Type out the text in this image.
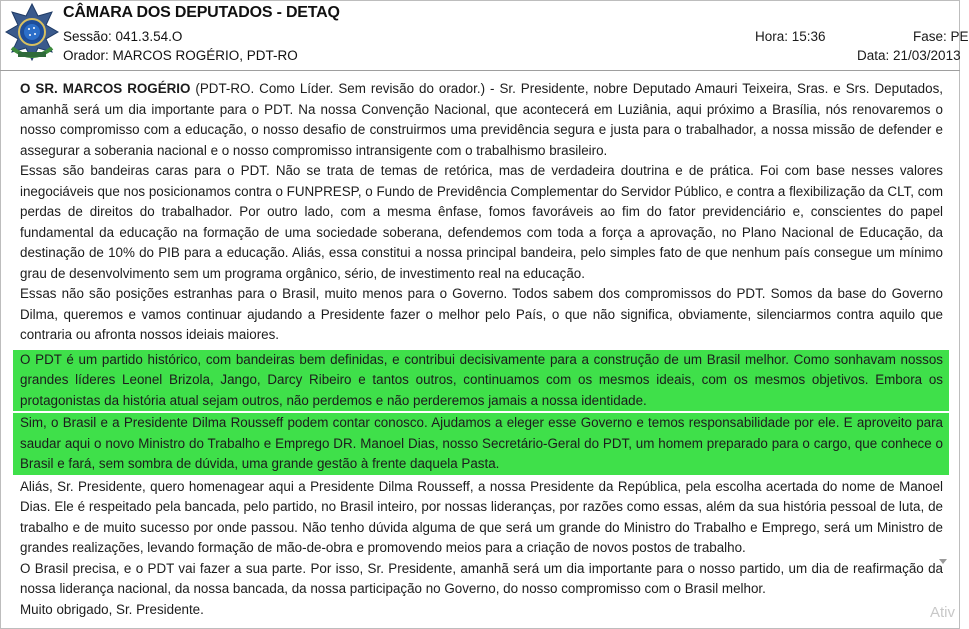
CÂMARA DOS DEPUTADOS - DETAQ
Sessão: 041.3.54.O
Orador: MARCOS ROGÉRIO, PDT-RO
Hora: 15:36	Fase: PE
Data: 21/03/2013

O SR. MARCOS ROGÉRIO (PDT-RO. Como Líder. Sem revisão do orador.) - Sr. Presidente, nobre Deputado Amauri Teixeira, Sras. e Srs. Deputados, amanhã será um dia importante para o PDT. Na nossa Convenção Nacional, que acontecerá em Luziânia, aqui próximo a Brasília, nós renovaremos o nosso compromisso com a educação, o nosso desafio de construirmos uma previdência segura e justa para o trabalhador, a nossa missão de defender e assegurar a soberania nacional e o nosso compromisso intransigente com o trabalhismo brasileiro.

Essas são bandeiras caras para o PDT. Não se trata de temas de retórica, mas de verdadeira doutrina e de prática. Foi com base nesses valores inegociáveis que nos posicionamos contra o FUNPRESP, o Fundo de Previdência Complementar do Servidor Público, e contra a flexibilização da CLT, com perdas de direitos do trabalhador. Por outro lado, com a mesma ênfase, fomos favoráveis ao fim do fator previdenciário e, conscientes do papel fundamental da educação na formação de uma sociedade soberana, defendemos com toda a força a aprovação, no Plano Nacional de Educação, da destinação de 10% do PIB para a educação. Aliás, essa constitui a nossa principal bandeira, pelo simples fato de que nenhum país consegue um mínimo grau de desenvolvimento sem um programa orgânico, sério, de investimento real na educação.

Essas não são posições estranhas para o Brasil, muito menos para o Governo. Todos sabem dos compromissos do PDT. Somos da base do Governo Dilma, queremos e vamos continuar ajudando a Presidente fazer o melhor pelo País, o que não significa, obviamente, silenciarmos contra aquilo que contraria ou afronta nossos ideiais maiores.

O PDT é um partido histórico, com bandeiras bem definidas, e contribui decisivamente para a construção de um Brasil melhor. Como sonhavam nossos grandes líderes Leonel Brizola, Jango, Darcy Ribeiro e tantos outros, continuamos com os mesmos ideais, com os mesmos objetivos. Embora os protagonistas da história atual sejam outros, não perdemos e não perderemos jamais a nossa identidade.

Sim, o Brasil e a Presidente Dilma Rousseff podem contar conosco. Ajudamos a eleger esse Governo e temos responsabilidade por ele. E aproveito para saudar aqui o novo Ministro do Trabalho e Emprego DR. Manoel Dias, nosso Secretário-Geral do PDT, um homem preparado para o cargo, que conhece o Brasil e fará, sem sombra de dúvida, uma grande gestão à frente daquela Pasta.

Aliás, Sr. Presidente, quero homenagear aqui a Presidente Dilma Rousseff, a nossa Presidente da República, pela escolha acertada do nome de Manoel Dias. Ele é respeitado pela bancada, pelo partido, no Brasil inteiro, por nossas lideranças, por razões como essas, além da sua história pessoal de luta, de trabalho e de muito sucesso por onde passou. Não tenho dúvida alguma de que será um grande do Ministro do Trabalho e Emprego, será um Ministro de grandes realizações, levando formação de mão-de-obra e promovendo meios para a criação de novos postos de trabalho.

O Brasil precisa, e o PDT vai fazer a sua parte. Por isso, Sr. Presidente, amanhã será um dia importante para o nosso partido, um dia de reafirmação da nossa liderança nacional, da nossa bancada, da nossa participação no Governo, do nosso compromisso com o Brasil melhor.

Muito obrigado, Sr. Presidente.	Ativ
